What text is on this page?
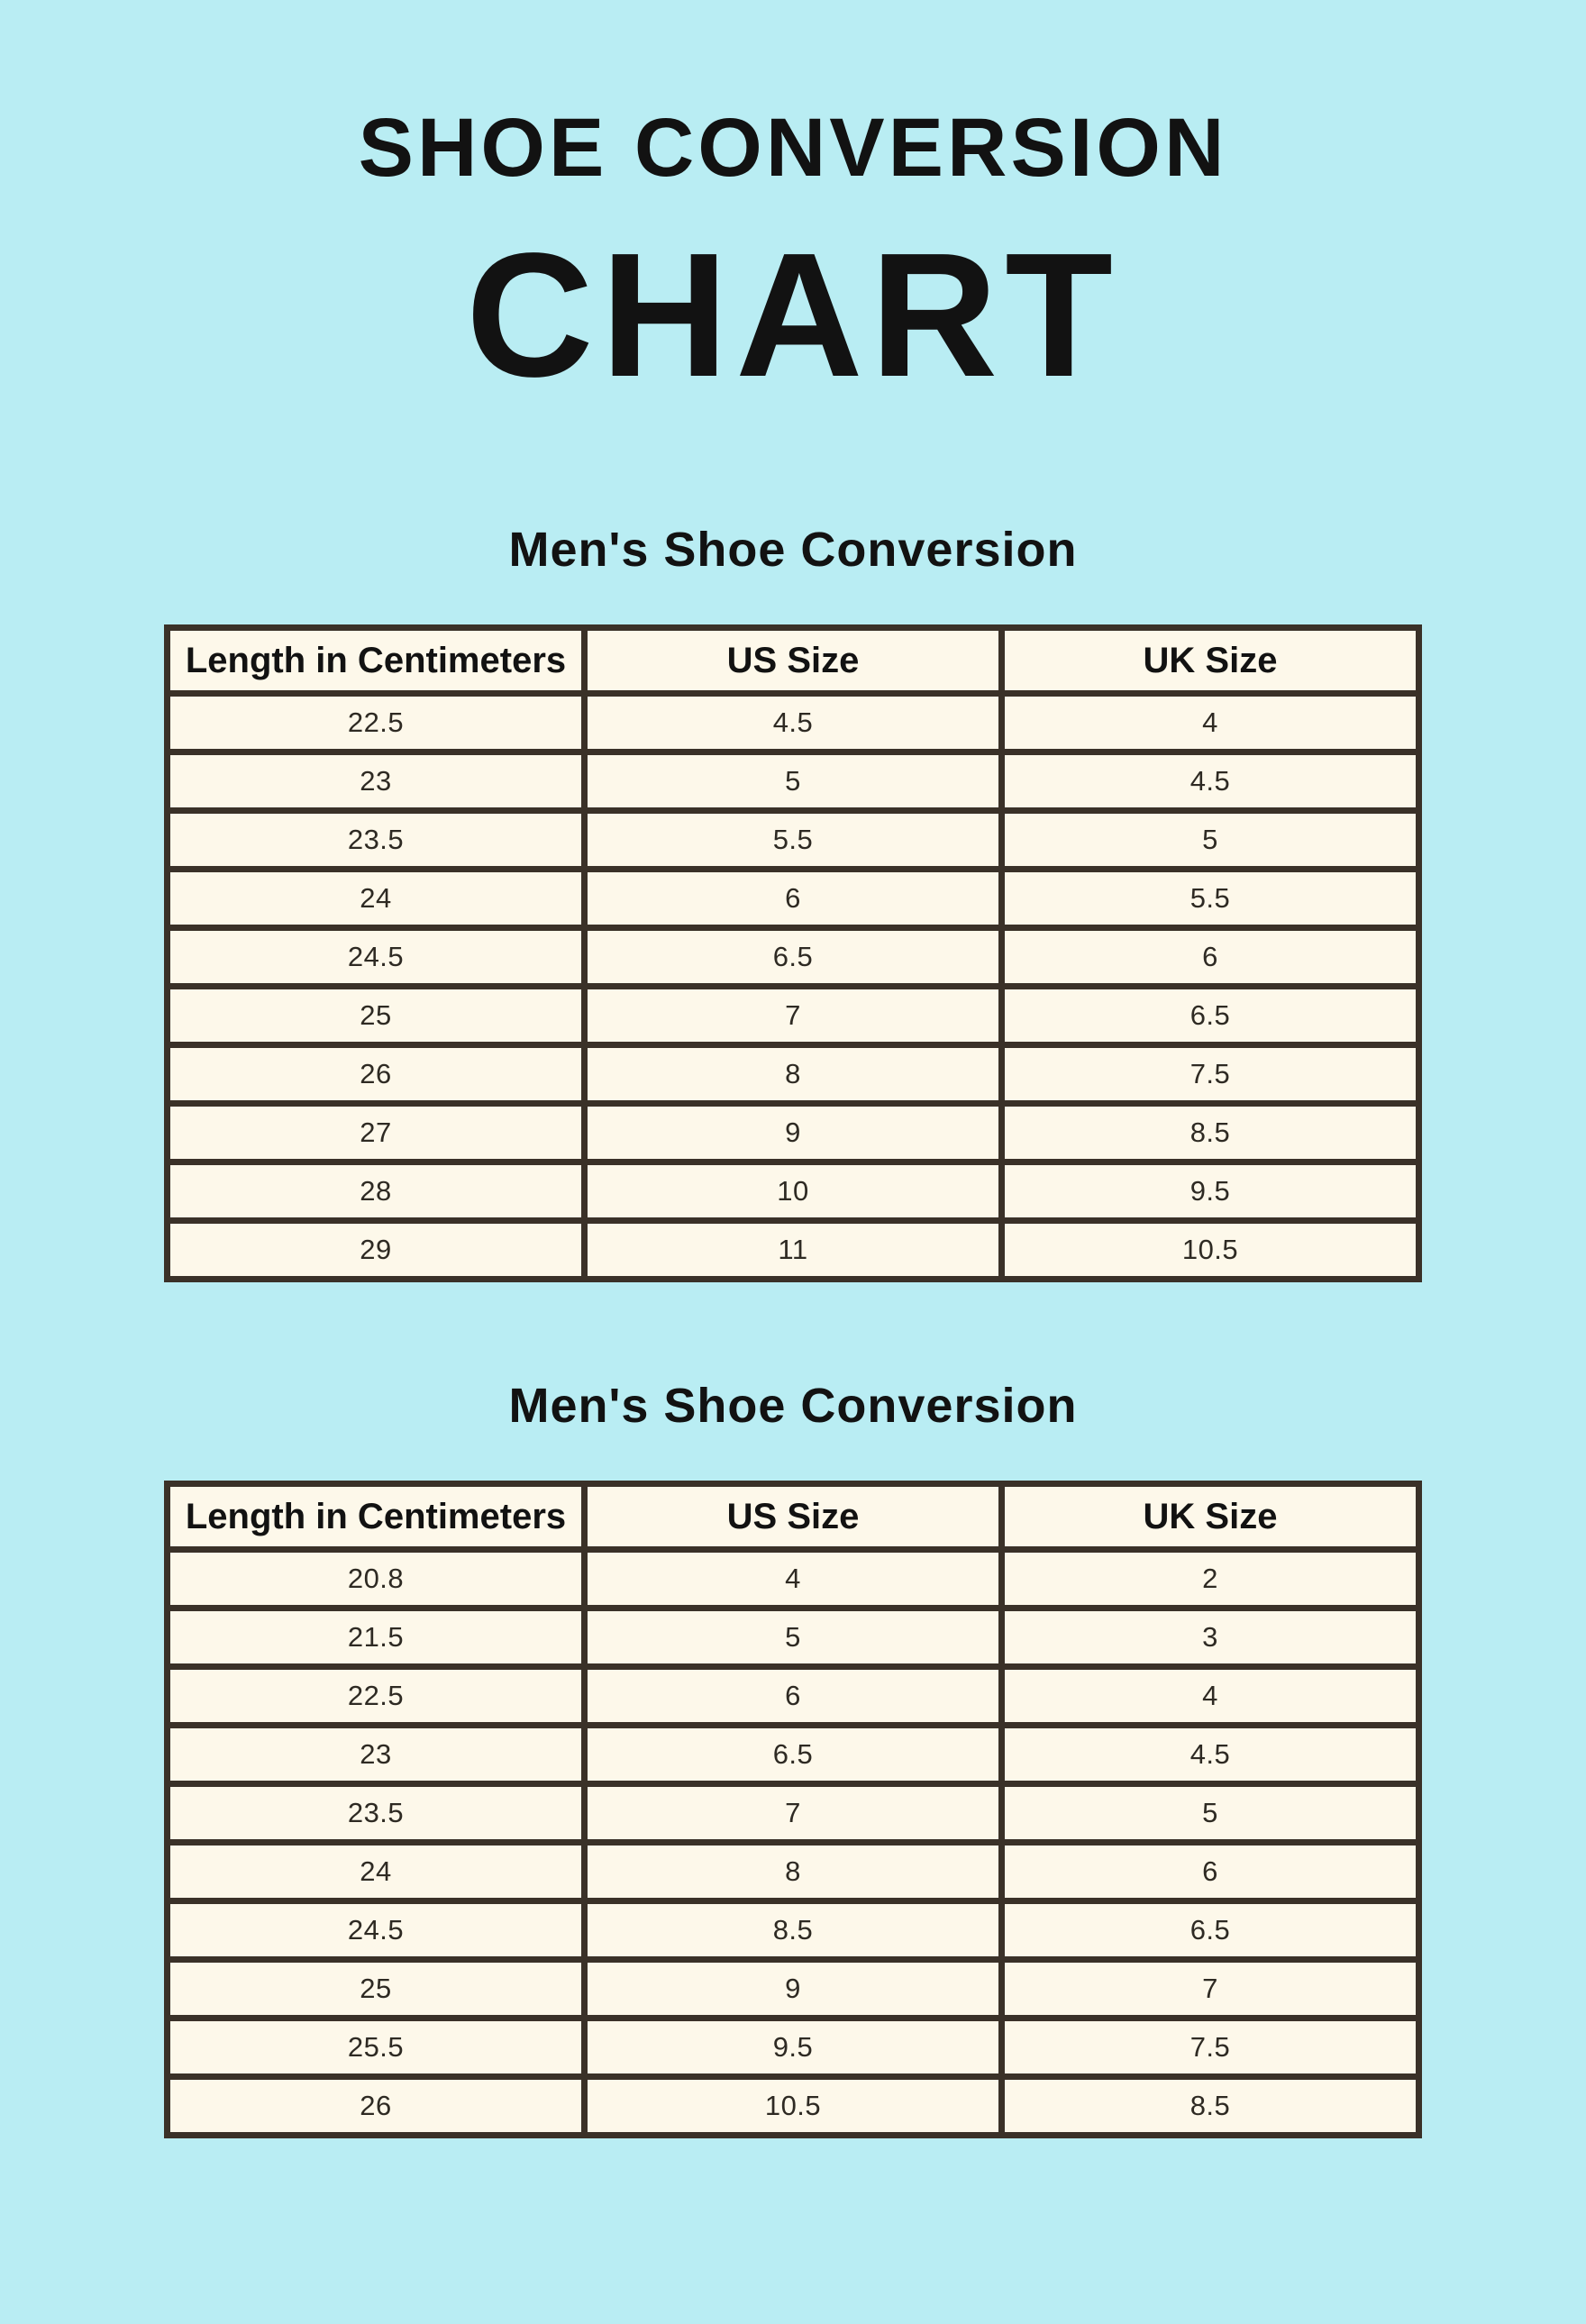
SHOE CONVERSION
CHART
Men's Shoe Conversion
Length in Centimeters	US Size	UK Size
22.5	4.5	4
23	5	4.5
23.5	5.5	5
24	6	5.5
24.5	6.5	6
25	7	6.5
26	8	7.5
27	9	8.5
28	10	9.5
29	11	10.5
Men's Shoe Conversion
Length in Centimeters	US Size	UK Size
20.8	4	2
21.5	5	3
22.5	6	4
23	6.5	4.5
23.5	7	5
24	8	6
24.5	8.5	6.5
25	9	7
25.5	9.5	7.5
26	10.5	8.5
